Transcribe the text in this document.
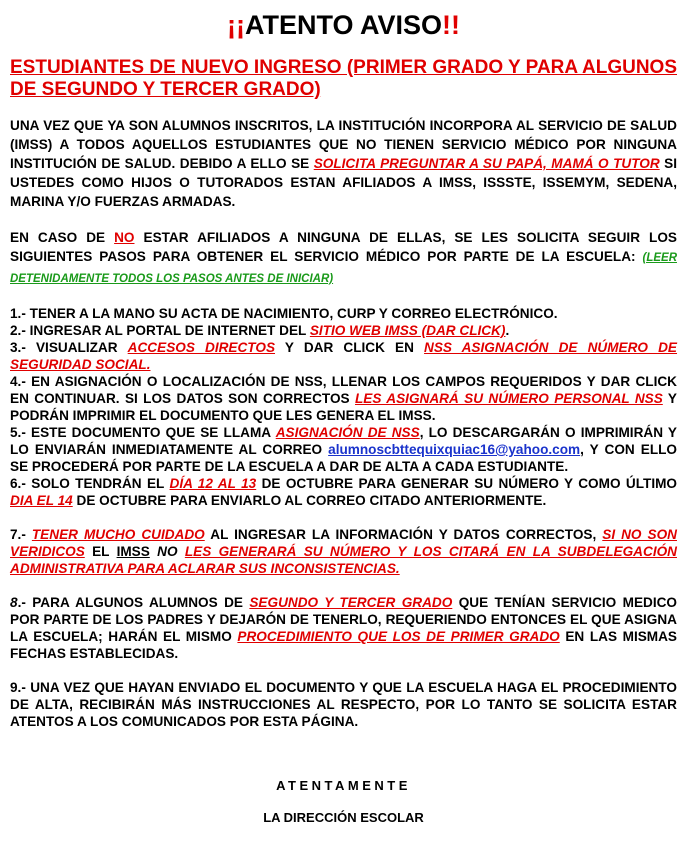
¡¡ATENTO AVISO!!
ESTUDIANTES DE NUEVO INGRESO (PRIMER GRADO Y PARA ALGUNOS DE SEGUNDO Y TERCER GRADO)

UNA VEZ QUE YA SON ALUMNOS INSCRITOS, LA INSTITUCIÓN INCORPORA AL SERVICIO DE SALUD (IMSS) A TODOS AQUELLOS ESTUDIANTES QUE NO TIENEN SERVICIO MÉDICO POR NINGUNA INSTITUCIÓN DE SALUD. DEBIDO A ELLO SE SOLICITA PREGUNTAR A SU PAPÁ, MAMÁ O TUTOR SI USTEDES COMO HIJOS O TUTORADOS ESTAN AFILIADOS A IMSS, ISSSTE, ISSEMYM, SEDENA, MARINA Y/O FUERZAS ARMADAS.

EN CASO DE NO ESTAR AFILIADOS A NINGUNA DE ELLAS, SE LES SOLICITA SEGUIR LOS SIGUIENTES PASOS PARA OBTENER EL SERVICIO MÉDICO POR PARTE DE LA ESCUELA: (LEER DETENIDAMENTE TODOS LOS PASOS ANTES DE INICIAR)

1.- TENER A LA MANO SU ACTA DE NACIMIENTO, CURP Y CORREO ELECTRÓNICO.

2.- INGRESAR AL PORTAL DE INTERNET DEL SITIO WEB IMSS (DAR CLICK).

3.- VISUALIZAR ACCESOS DIRECTOS Y DAR CLICK EN NSS ASIGNACIÓN DE NÚMERO DE SEGURIDAD SOCIAL.

4.- EN ASIGNACIÓN O LOCALIZACIÓN DE NSS, LLENAR LOS CAMPOS REQUERIDOS Y DAR CLICK EN CONTINUAR. SI LOS DATOS SON CORRECTOS LES ASIGNARÁ SU NÚMERO PERSONAL NSS Y PODRÁN IMPRIMIR EL DOCUMENTO QUE LES GENERA EL IMSS.

5.- ESTE DOCUMENTO QUE SE LLAMA ASIGNACIÓN DE NSS, LO DESCARGARÁN O IMPRIMIRÁN Y LO ENVIARÁN INMEDIATAMENTE AL CORREO alumnoscbttequixquiac16@yahoo.com, Y CON ELLO SE PROCEDERÁ POR PARTE DE LA ESCUELA A DAR DE ALTA A CADA ESTUDIANTE.

6.- SOLO TENDRÁN EL DÍA 12 AL 13 DE OCTUBRE PARA GENERAR SU NÚMERO Y COMO ÚLTIMO DIA EL 14 DE OCTUBRE PARA ENVIARLO AL CORREO CITADO ANTERIORMENTE.

7.- TENER MUCHO CUIDADO AL INGRESAR LA INFORMACIÓN Y DATOS CORRECTOS, SI NO SON VERIDICOS EL IMSS NO LES GENERARÁ SU NÚMERO Y LOS CITARÁ EN LA SUBDELEGACIÓN ADMINISTRATIVA PARA ACLARAR SUS INCONSISTENCIAS.

8.- PARA ALGUNOS ALUMNOS DE SEGUNDO Y TERCER GRADO QUE TENÍAN SERVICIO MEDICO POR PARTE DE LOS PADRES Y DEJARÓN DE TENERLO, REQUERIENDO ENTONCES EL QUE ASIGNA LA ESCUELA; HARÁN EL MISMO PROCEDIMIENTO QUE LOS DE PRIMER GRADO EN LAS MISMAS FECHAS ESTABLECIDAS.

9.- UNA VEZ QUE HAYAN ENVIADO EL DOCUMENTO Y QUE LA ESCUELA HAGA EL PROCEDIMIENTO DE ALTA, RECIBIRÁN MÁS INSTRUCCIONES AL RESPECTO, POR LO TANTO SE SOLICITA ESTAR ATENTOS A LOS COMUNICADOS POR ESTA PÁGINA.

ATENTAMENTE
LA DIRECCIÓN ESCOLAR
